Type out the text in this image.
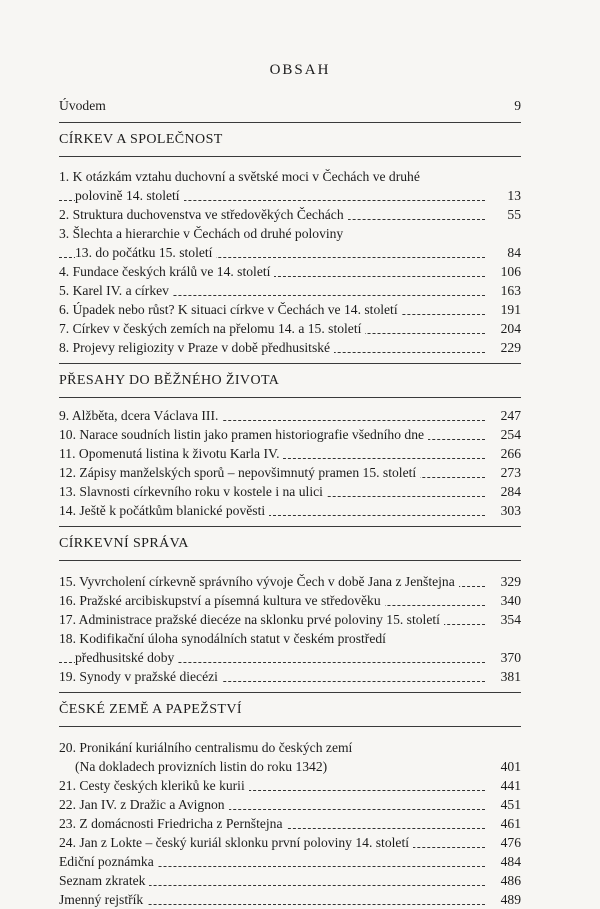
OBSAH
Úvodem	9
CÍRKEV A SPOLEČNOST
1. K otázkám vztahu duchovní a světské moci v Čechách ve druhé
polovině 14. století	13
2. Struktura duchovenstva ve středověkých Čechách	55
3. Šlechta a hierarchie v Čechách od druhé poloviny
13. do počátku 15. století	84
4. Fundace českých králů ve 14. století	106
5. Karel IV. a církev	163
6. Úpadek nebo růst? K situaci církve v Čechách ve 14. století	191
7. Církev v českých zemích na přelomu 14. a 15. století	204
8. Projevy religiozity v Praze v době předhusitské	229
PŘESAHY DO BĚŽNÉHO ŽIVOTA
9. Alžběta, dcera Václava III.	247
10. Narace soudních listin jako pramen historiografie všedního dne	254
11. Opomenutá listina k životu Karla IV.	266
12. Zápisy manželských sporů – nepovšimnutý pramen 15. století	273
13. Slavnosti církevního roku v kostele i na ulici	284
14. Ještě k počátkům blanické pověsti	303
CÍRKEVNÍ SPRÁVA
15. Vyvrcholení církevně správního vývoje Čech v době Jana z Jenštejna	329
16. Pražské arcibiskupství a písemná kultura ve středověku	340
17. Administrace pražské diecéze na sklonku prvé poloviny 15. století	354
18. Kodifikační úloha synodálních statut v českém prostředí
předhusitské doby	370
19. Synody v pražské diecézi	381
ČESKÉ ZEMĚ A PAPEŽSTVÍ
20. Pronikání kuriálního centralismu do českých zemí
(Na dokladech provizních listin do roku 1342)	401
21. Cesty českých kleriků ke kurii	441
22. Jan IV. z Dražic a Avignon	451
23. Z domácnosti Friedricha z Pernštejna	461
24. Jan z Lokte – český kuriál sklonku první poloviny 14. století	476
Ediční poznámka	484
Seznam zkratek	486
Jmenný rejstřík	489
